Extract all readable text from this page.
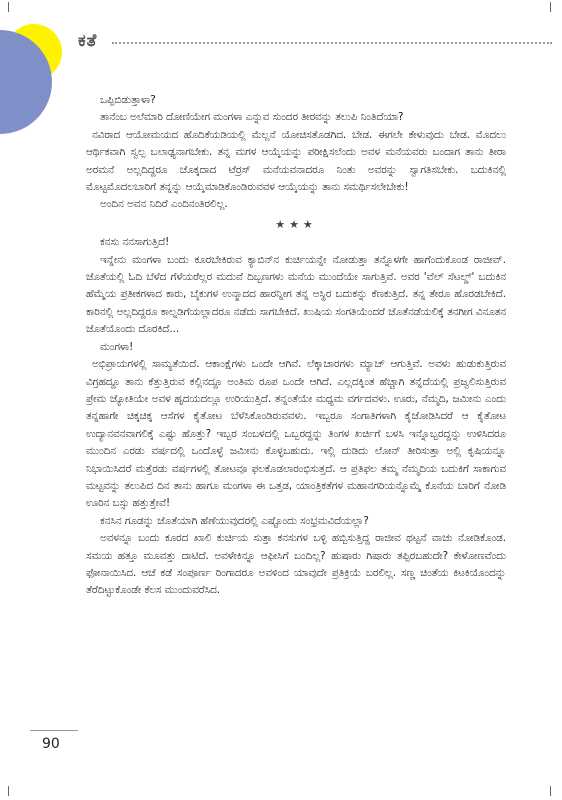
ಕತೆ

ಒಪ್ಪಿಬಿಡುತ್ತಾಳಾ?

ತಾನೆಂಬ ಅಲೆಮಾರಿ ದೋಣಿಯೇಗ ಮಂಗಳಾ ಎನ್ನುವ ಸುಂದರ ತೀರವನ್ನು ತಲುಪಿ ನಿಂತಿದೆಯಾ?

ನವಿರಾದ ಆಯೋಮಯದ ಹೊದಿಕೆಯಡಿಯಲ್ಲಿ ಮೆಲ್ಲನೆ ಯೋಚಿಸತೊಡಗಿದ. ಬೇಡ. ಈಗಲೇ ಕೇಳುವುದು ಬೇಡ. ಮೊದಲು ಆರ್ಥಿಕವಾಗಿ ಸ್ವಲ್ಪ ಬಲಾಢ್ಯನಾಗಬೇಕು. ತನ್ನ ಮಗಳ ಆಯ್ಕೆಯನ್ನು ಪರೀಕ್ಷಿಸಲೆಂದು ಅವಳ ಮನೆಯವರು ಬಂದಾಗ ತಾನು ತೀರಾ ಅರಮನೆ ಅಲ್ಲದಿದ್ದರೂ ಚೊಕ್ಕದಾದ ಟೆರ‍್ರಸ್ ಮನೆಯವನಾದರೂ ನಿಂತು ಅವರನ್ನು ಸ್ವಾಗತಿಸಬೇಕು. ಬದುಕಿನಲ್ಲಿ ಮೊಟ್ಟಮೊದಲಬಾರಿಗೆ ತನ್ನನ್ನು ಆಯ್ಕೆಮಾಡಿಕೊಂಡಿರುವವಳ ಆಯ್ಕೆಯನ್ನು ತಾನು ಸಮರ್ಥಿಸಲೇಬೇಕು!

ಅಂದಿನ ಅವನ ನಿದಿರೆ ಎಂದಿನಂತಿರಲಿಲ್ಲ.

★★★

ಕನಸು ನನಸಾಗುತ್ತಿದೆ!

ಇನ್ನೇನು ಮಂಗಳಾ ಬಂದು ಕೂರಬೇಕಿರುವ ಕ್ಯಾಬಿನ್‌ನ ಕುರ್ಚಿಯನ್ನೇ ನೋಡುತ್ತಾ ತನ್ನೊಳಗೇ ಹಾಗೆಂದುಕೊಂಡ ರಾಜೀವ್. ಜೊತೆಯಲ್ಲಿ ಓದಿ ಬೆಳೆದ ಗೆಳೆಯರೆಲ್ಲರ ಮದುವೆ ದಿಬ್ಬಣಗಳು ಮನೆಯ ಮುಂದೆಯೇ ಸಾಗುತ್ತಿವೆ. ಅವರ 'ವೆಲ್ ಸೆಟಲ್ಡ್' ಬದುಕಿನ ಹೆಮ್ಮೆಯ ಪ್ರತೀಕಗಳಾದ ಕಾರು, ಬೈಕುಗಳ ಉನ್ಮಾದದ ಹಾರನ್ನೀಗ ತನ್ನ ಅಸ್ಥಿರ ಬದುಕನ್ನು ಕೆಣಕುತ್ತಿದೆ. ತನ್ನ ತೇರೂ ಹೊರಡಬೇಕಿದೆ. ಕಾರಿನಲ್ಲಿ ಅಲ್ಲದಿದ್ದರೂ ಕಾಲ್ನಡಿಗೆಯಲ್ಲಾದರೂ ನಡೆದು ಸಾಗಬೇಕಿದೆ. ಖುಷಿಯ ಸಂಗತಿಯೆಂದರೆ ಜೊತೆನಡೆಯಲಿಕ್ಕೆ ತನಗೀಗ ವಿನೂತನ ಜೊತೆಯೊಂದು ದೊರಕಿದೆ...

ಮಂಗಳಾ!

ಅಭಿಪ್ರಾಯಗಳಲ್ಲಿ ಸಾಮ್ಯತೆಯಿದೆ. ಆಕಾಂಕ್ಷೆಗಳು ಒಂದೇ ಆಗಿವೆ. ಲೆಕ್ಕಾಚಾರಗಳು ಮ್ಯಾಚ್ ಆಗುತ್ತಿವೆ. ಅವಳು ಹುಡುಕುತ್ತಿರುವ ವಿಗ್ರಹದ್ದೂ ತಾನು ಕೆತ್ತುತ್ತಿರುವ ಕಲ್ಲಿನದ್ದೂ ಅಂತಿಮ ರೂಪ ಒಂದೇ ಆಗಿದೆ. ಎಲ್ಲದಕ್ಕಿಂತ ಹೆಚ್ಚಾಗಿ ತನ್ನೆದೆಯಲ್ಲಿ ಪ್ರಜ್ವಲಿಸುತ್ತಿರುವ ಪ್ರೇಮ ಜ್ಯೋತಿಯೇ ಅವಳ ಹೃದಯದಲ್ಲೂ ಉರಿಯುತ್ತಿದೆ. ತನ್ನಂತೆಯೇ ಮಧ್ಯಮ ವರ್ಗದವಳು. ಊರು, ನೆಮ್ಮದಿ, ಜಮೀನು ಎಂದು ತನ್ನಹಾಗೇ ಚಿಕ್ಕಚಿಕ್ಕ ಆಸೆಗಳ ಕೈತೋಟ ಬೆಳೆಸಿಕೊಂಡಿರುವವಳು. ಇಬ್ಬರೂ ಸಂಗಾತಿಗಳಾಗಿ ಕೈಜೋಡಿಸಿದರೆ ಆ ಕೈತೋಟ ಉದ್ಯಾನವನವಾಗಲಿಕ್ಕೆ ಎಷ್ಟು ಹೊತ್ತು? ಇಬ್ಬರ ಸಂಬಳದಲ್ಲಿ ಒಬ್ಬರದ್ದನ್ನು ತಿಂಗಳ ಖರ್ಚಿಗೆ ಬಳಸಿ ಇನ್ನೊಬ್ಬರದ್ದನ್ನು ಉಳಿಸಿದರೂ ಮುಂದಿನ ಎರಡು ವರ್ಷದಲ್ಲಿ ಒಂದೊಳ್ಳೆ ಜಮೀನು ಕೊಳ್ಳಬಹುದು. ಇಲ್ಲಿ ದುಡಿದು ಲೋನ್ ತೀರಿಸುತ್ತಾ ಅಲ್ಲಿ ಕೃಷಿಯನ್ನೂ ನಿಭಾಯಿಸಿದರೆ ಮತ್ತೆರಡು ವರ್ಷಗಳಲ್ಲಿ ತೋಟವೂ ಫಲಕೊಡಲಾರಂಭಿಸುತ್ತದೆ. ಆ ಪ್ರತಿಫಲ ತಮ್ಮ ನೆಮ್ಮದಿಯ ಬದುಕಿಗೆ ಸಾಕಾಗುವ ಮಟ್ಟವನ್ನು ತಲುಪಿದ ದಿನ ತಾನು ಹಾಗೂ ಮಂಗಳಾ ಈ ಒತ್ತಡ, ಯಾಂತ್ರಿಕತೆಗಳ ಮಹಾನಗರಿಯನ್ನೊಮ್ಮೆ ಕೊನೆಯ ಬಾರಿಗೆ ನೋಡಿ ಊರಿನ ಬಸ್ಸು ಹತ್ತುತ್ತೇವೆ!

ಕನಸಿನ ಗೂಡನ್ನು ಜೊತೆಯಾಗಿ ಹೆಣೆಯುವುದರಲ್ಲಿ ಎಷ್ಟೊಂದು ಸಂಭ್ರಮವಿದೆಯಲ್ಲಾ?

ಅವಳನ್ನೂ ಬಂದು ಕೂರದ ಖಾಲಿ ಕುರ್ಚಿಯ ಸುತ್ತಾ ಕನಸುಗಳ ಬಳ್ಳಿ ಹಬ್ಬಿಸುತ್ತಿದ್ದ ರಾಜೀವ ಥಟ್ಟನೆ ವಾಚು ನೋಡಿಕೊಂಡ. ಸಮಯ ಹತ್ತೂ ಮೂವತ್ತು ದಾಟಿದೆ. ಅವಳೇಕಿನ್ನೂ ಆಫೀಸಿಗೆ ಬಂದಿಲ್ಲ? ಹುಷಾರು ಗಿಷಾರು ತಪ್ಪಿರಬಹುದೇ? ಕೇಳೋಣವೆಂದು ಫೋನಾಯಿಸಿದ. ಆಚೆ ಕಡೆ ಸಂಪೂರ್ಣ ರಿಂಗಾದರೂ ಅವಳಿಂದ ಯಾವುದೇ ಪ್ರತಿಕ್ರಿಯೆ ಬರಲಿಲ್ಲ. ಸಣ್ಣ ಚಿಂತೆಯ ಕಿಟಕಿಯೊಂದನ್ನು ತೆರೆದಿಟ್ಟುಕೊಂಡೇ ಕೆಲಸ ಮುಂದುವರೆಸಿದ.

90
